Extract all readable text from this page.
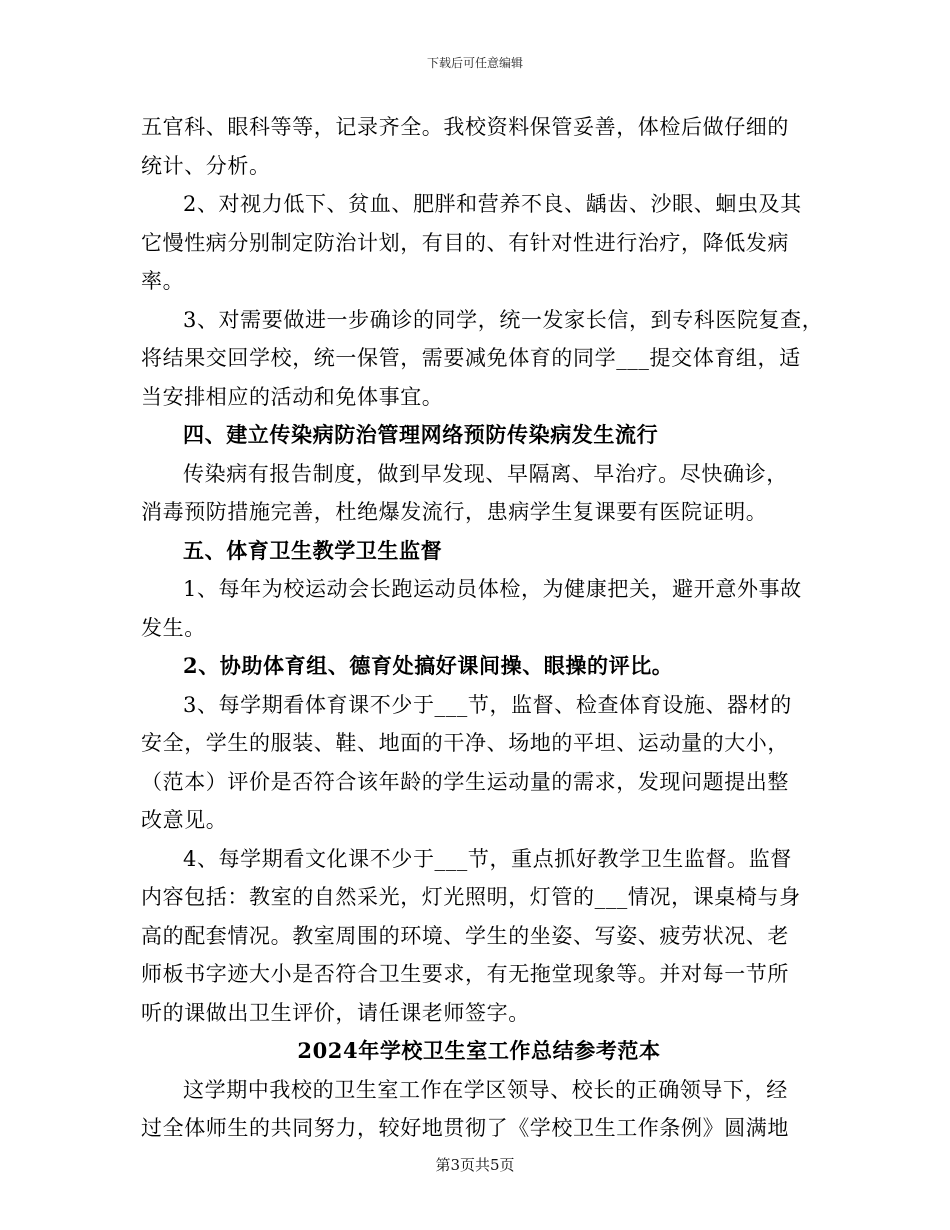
下载后可任意编辑
五官科、眼科等等，记录齐全。我校资料保管妥善，体检后做仔细的
统计、分析。
2、对视力低下、贫血、肥胖和营养不良、龋齿、沙眼、蛔虫及其
它慢性病分别制定防治计划，有目的、有针对性进行治疗，降低发病
率。
3、对需要做进一步确诊的同学，统一发家长信，到专科医院复查，
将结果交回学校，统一保管，需要减免体育的同学___提交体育组，适
当安排相应的活动和免体事宜。
四、建立传染病防治管理网络预防传染病发生流行
传染病有报告制度，做到早发现、早隔离、早治疗。尽快确诊，
消毒预防措施完善，杜绝爆发流行，患病学生复课要有医院证明。
五、体育卫生教学卫生监督
1、每年为校运动会长跑运动员体检，为健康把关，避开意外事故
发生。
2、协助体育组、德育处搞好课间操、眼操的评比。
3、每学期看体育课不少于___节，监督、检查体育设施、器材的
安全，学生的服装、鞋、地面的干净、场地的平坦、运动量的大小，
（范本）评价是否符合该年龄的学生运动量的需求，发现问题提出整
改意见。
4、每学期看文化课不少于___节，重点抓好教学卫生监督。监督
内容包括：教室的自然采光，灯光照明，灯管的___情况，课桌椅与身
高的配套情况。教室周围的环境、学生的坐姿、写姿、疲劳状况、老
师板书字迹大小是否符合卫生要求，有无拖堂现象等。并对每一节所
听的课做出卫生评价，请任课老师签字。
2024年学校卫生室工作总结参考范本
这学期中我校的卫生室工作在学区领导、校长的正确领导下，经
过全体师生的共同努力，较好地贯彻了《学校卫生工作条例》圆满地
第3页共5页
